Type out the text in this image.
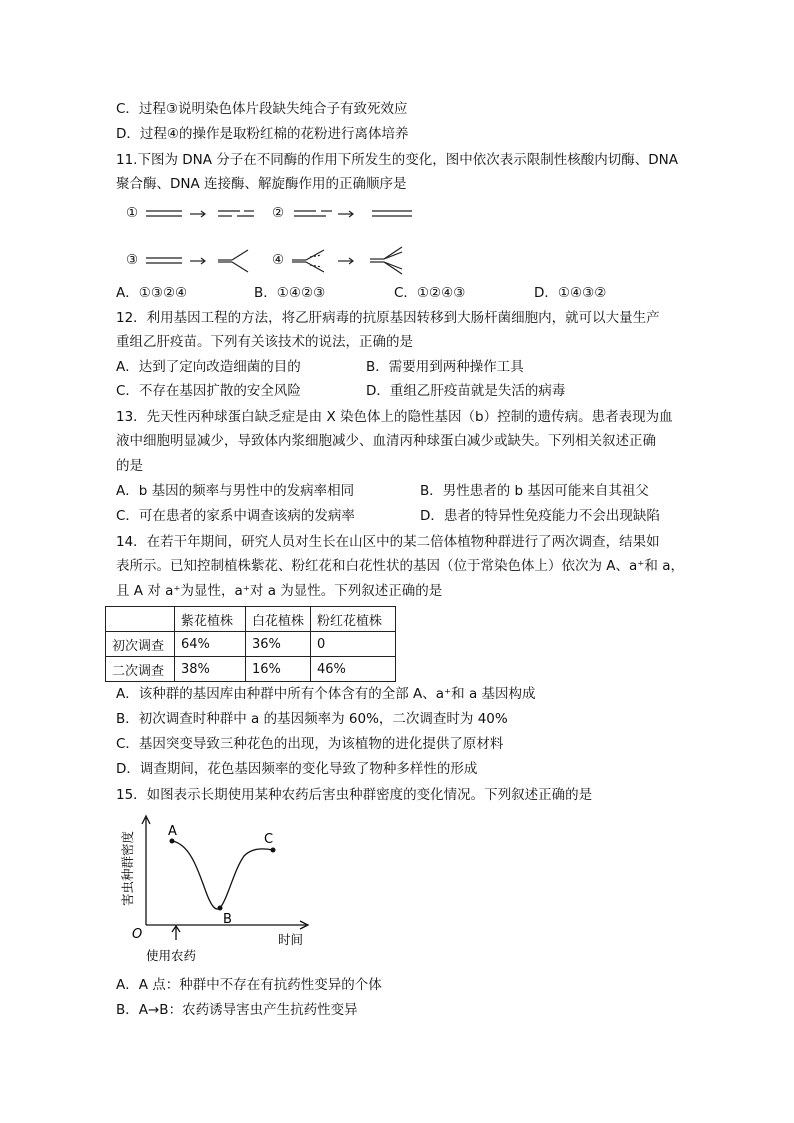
C．过程③说明染色体片段缺失纯合子有致死效应
D．过程④的操作是取粉红棉的花粉进行离体培养
11.下图为 DNA 分子在不同酶的作用下所发生的变化，图中依次表示限制性核酸内切酶、DNA
聚合酶、DNA 连接酶、解旋酶作用的正确顺序是
①	②
③	④
A．①③②④	B．①④②③	C．①②④③	D．①④③②
12．利用基因工程的方法，将乙肝病毒的抗原基因转移到大肠杆菌细胞内，就可以大量生产
重组乙肝疫苗。下列有关该技术的说法，正确的是
A．达到了定向改造细菌的目的	B．需要用到两种操作工具
C．不存在基因扩散的安全风险	D．重组乙肝疫苗就是失活的病毒
13．先天性丙种球蛋白缺乏症是由 X 染色体上的隐性基因（b）控制的遗传病。患者表现为血
液中细胞明显减少，导致体内浆细胞减少、血清丙种球蛋白减少或缺失。下列相关叙述正确
的是
A．b 基因的频率与男性中的发病率相同	B．男性患者的 b 基因可能来自其祖父
C．可在患者的家系中调查该病的发病率	D．患者的特异性免疫能力不会出现缺陷
14．在若干年期间，研究人员对生长在山区中的某二倍体植物种群进行了两次调查，结果如
表所示。已知控制植株紫花、粉红花和白花性状的基因（位于常染色体上）依次为 A、a⁺和 a，
且 A 对 a⁺为显性，a⁺对 a 为显性。下列叙述正确的是
	紫花植株	白花植株	粉红花植株
初次调查	64%	36%	0
二次调查	38%	16%	46%
A．该种群的基因库由种群中所有个体含有的全部 A、a⁺和 a 基因构成
B．初次调查时种群中 a 的基因频率为 60%，二次调查时为 40%
C．基因突变导致三种花色的出现，为该植物的进化提供了原材料
D．调查期间，花色基因频率的变化导致了物种多样性的形成
15．如图表示长期使用某种农药后害虫种群密度的变化情况。下列叙述正确的是
A
B
C
O	时间
使用农药
害虫种群密度
A．A 点：种群中不存在有抗药性变异的个体
B．A→B：农药诱导害虫产生抗药性变异
